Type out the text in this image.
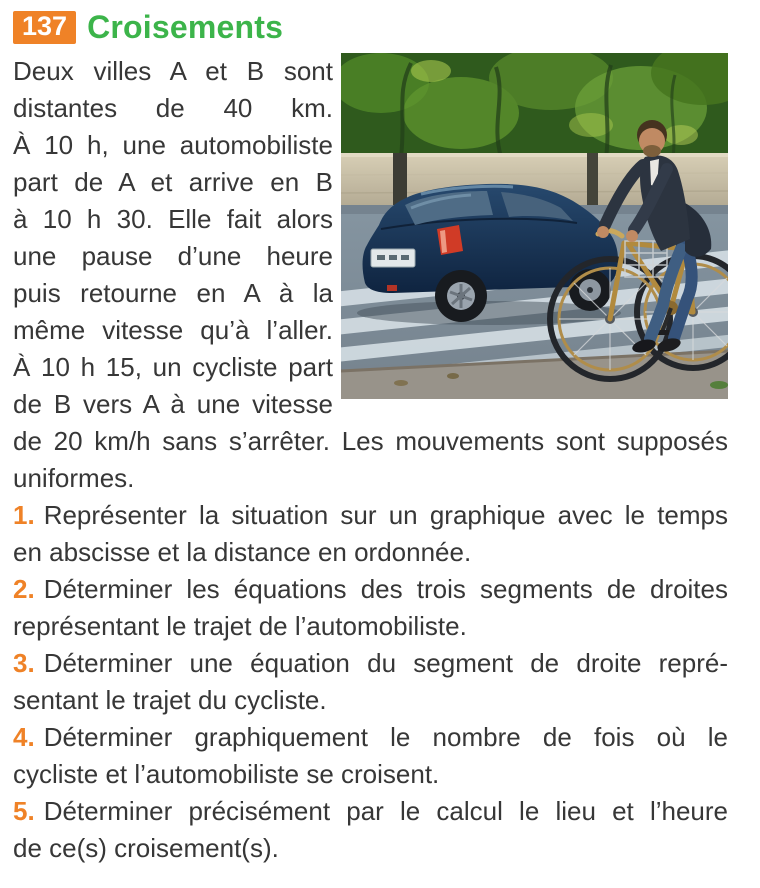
137 Croisements
Deux villes A et B sont
distantes de 40 km.
À 10 h, une automobiliste
part de A et arrive en B
à 10 h 30. Elle fait alors
une pause d’une heure
puis retourne en A à la
même vitesse qu’à l’aller.
À 10 h 15, un cycliste part
de B vers A à une vitesse
de 20 km/h sans s’arrêter. Les mouvements sont supposés
uniformes.
1. Représenter la situation sur un graphique avec le temps
en abscisse et la distance en ordonnée.
2. Déterminer les équations des trois segments de droites
représentant le trajet de l’automobiliste.
3. Déterminer une équation du segment de droite repré-
sentant le trajet du cycliste.
4. Déterminer graphiquement le nombre de fois où le
cycliste et l’automobiliste se croisent.
5. Déterminer précisément par le calcul le lieu et l’heure
de ce(s) croisement(s).
